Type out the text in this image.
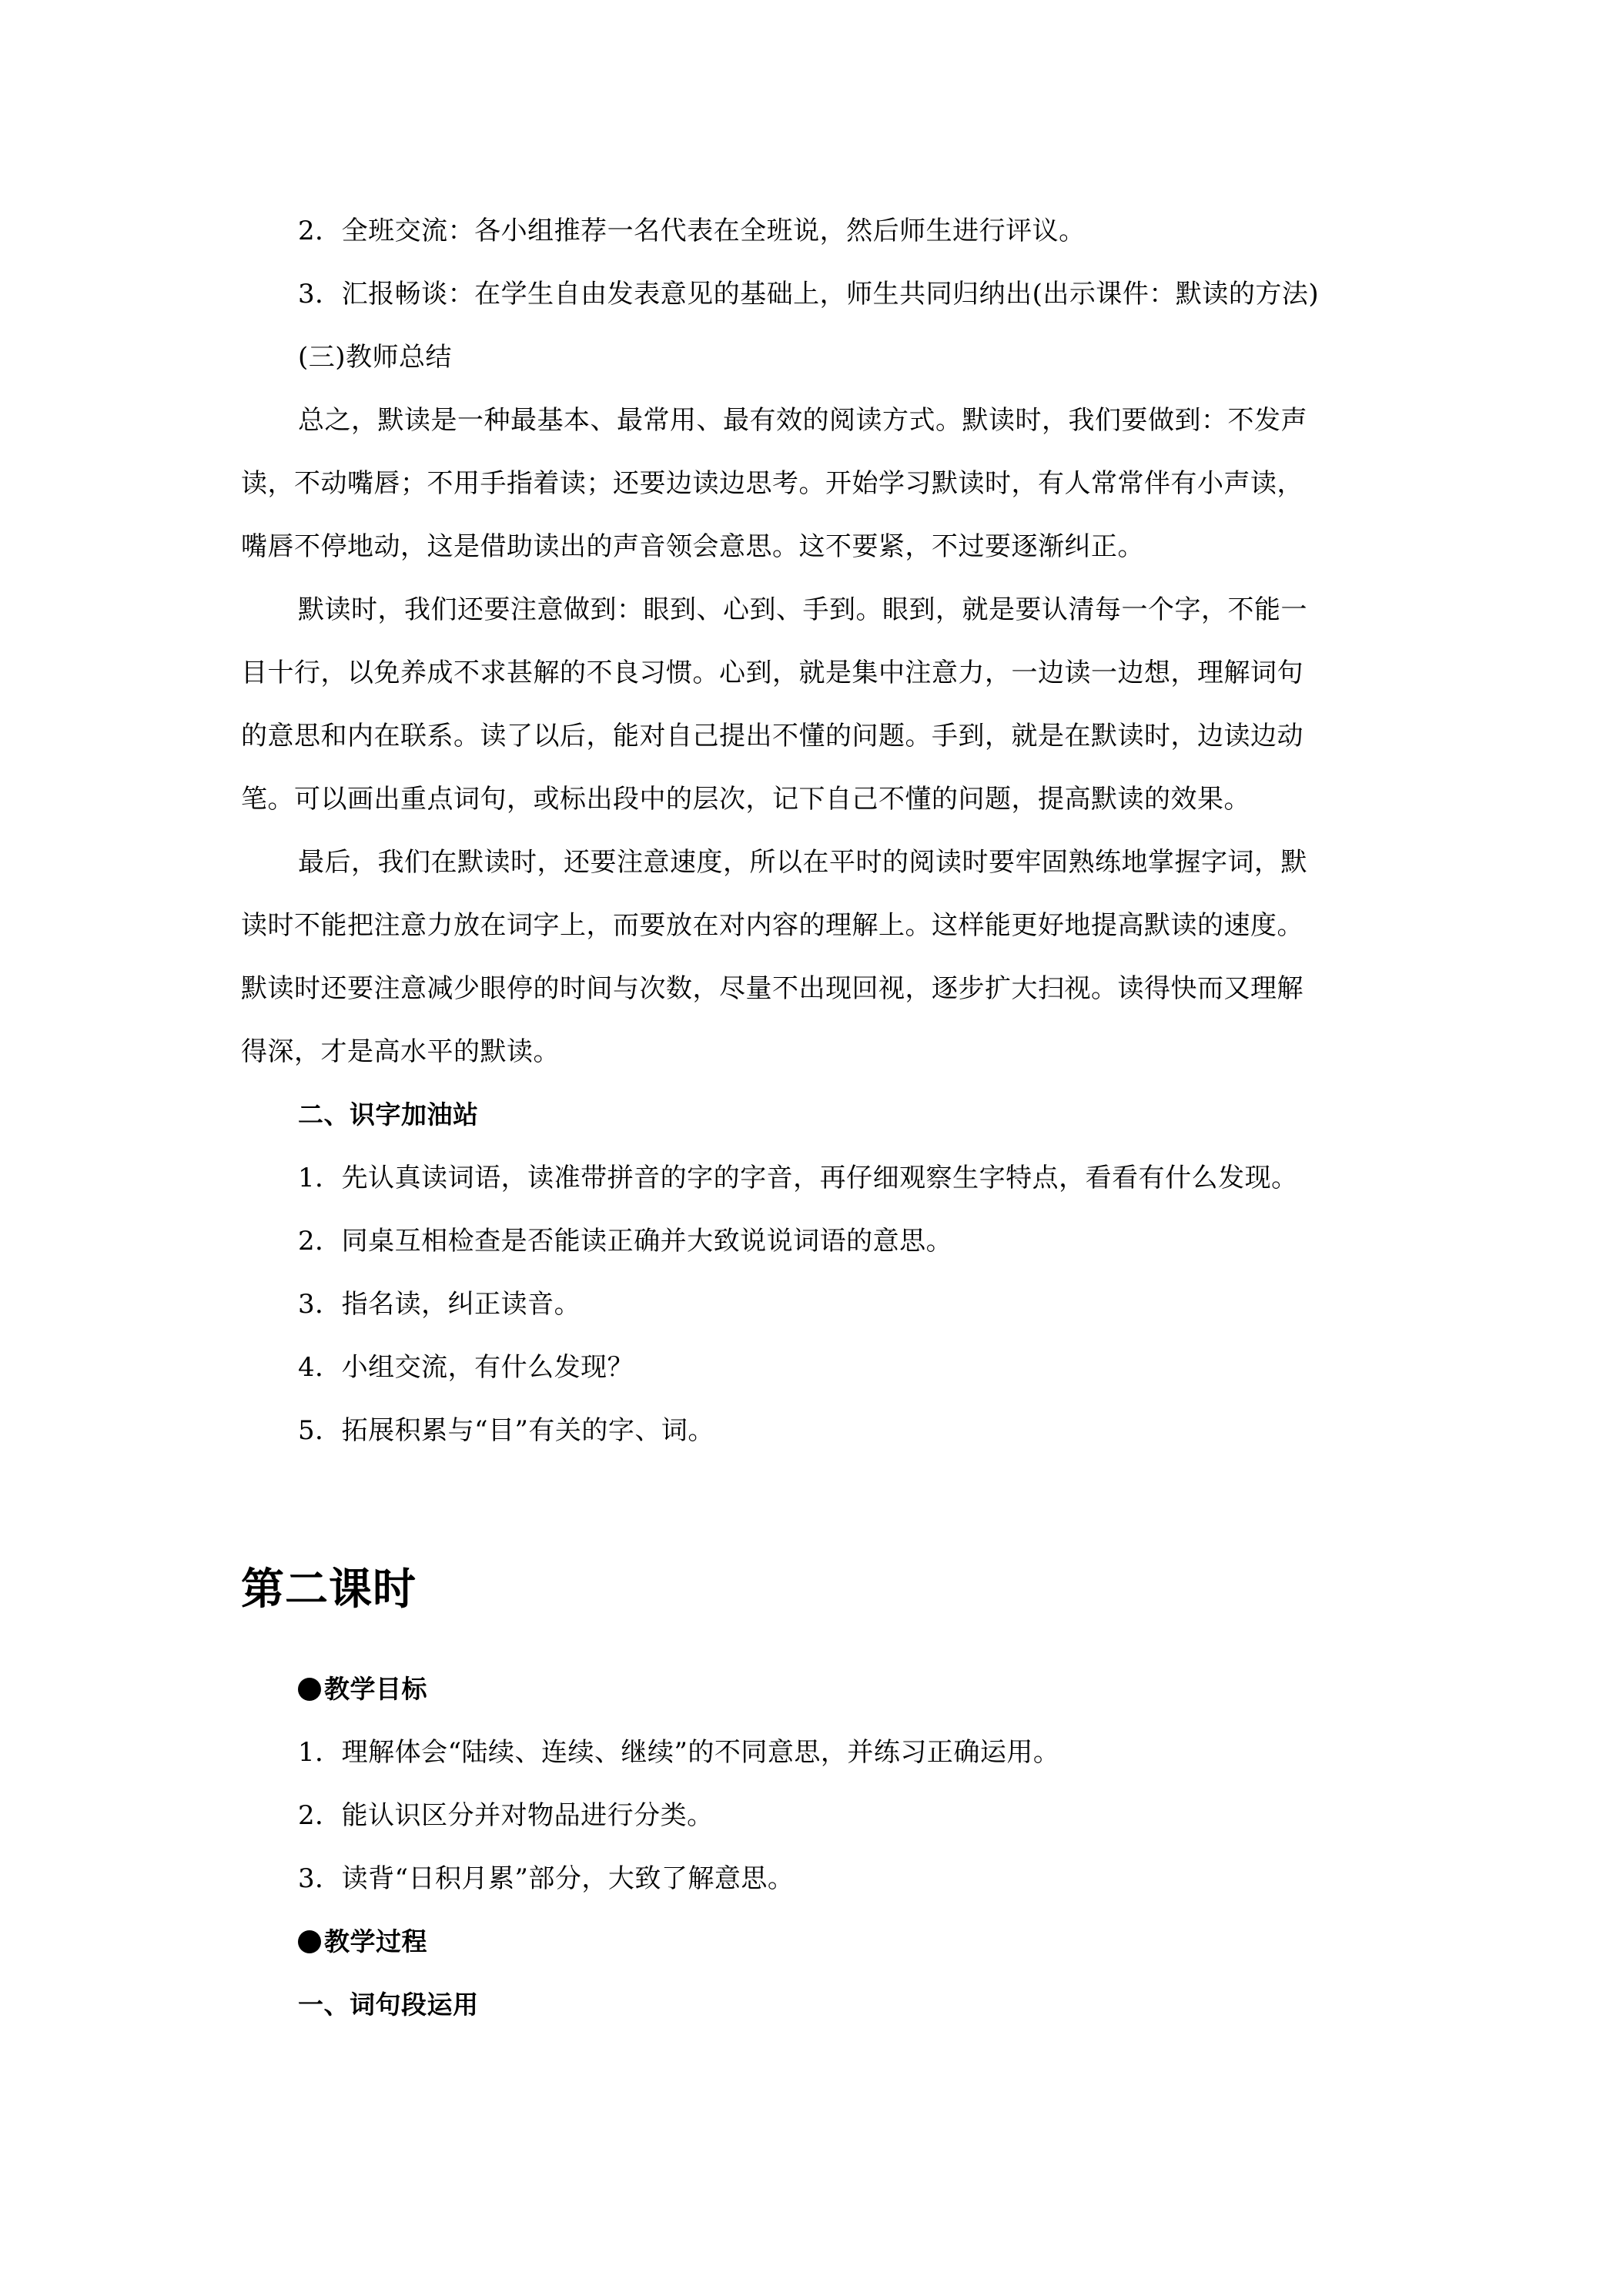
2．全班交流：各小组推荐一名代表在全班说，然后师生进行评议。
3．汇报畅谈：在学生自由发表意见的基础上，师生共同归纳出(出示课件：默读的方法)
(三)教师总结
总之，默读是一种最基本、最常用、最有效的阅读方式。默读时，我们要做到：不发声
读，不动嘴唇；不用手指着读；还要边读边思考。开始学习默读时，有人常常伴有小声读，
嘴唇不停地动，这是借助读出的声音领会意思。这不要紧，不过要逐渐纠正。
默读时，我们还要注意做到：眼到、心到、手到。眼到，就是要认清每一个字，不能一
目十行，以免养成不求甚解的不良习惯。心到，就是集中注意力，一边读一边想，理解词句
的意思和内在联系。读了以后，能对自己提出不懂的问题。手到，就是在默读时，边读边动
笔。可以画出重点词句，或标出段中的层次，记下自己不懂的问题，提高默读的效果。
最后，我们在默读时，还要注意速度，所以在平时的阅读时要牢固熟练地掌握字词，默
读时不能把注意力放在词字上，而要放在对内容的理解上。这样能更好地提高默读的速度。
默读时还要注意减少眼停的时间与次数，尽量不出现回视，逐步扩大扫视。读得快而又理解
得深，才是高水平的默读。
二、识字加油站
1．先认真读词语，读准带拼音的字的字音，再仔细观察生字特点，看看有什么发现。
2．同桌互相检查是否能读正确并大致说说词语的意思。
3．指名读，纠正读音。
4．小组交流，有什么发现？
5．拓展积累与“目”有关的字、词。
第二课时
教学目标
1．理解体会“陆续、连续、继续”的不同意思，并练习正确运用。
2．能认识区分并对物品进行分类。
3．读背“日积月累”部分，大致了解意思。
教学过程
一、词句段运用
